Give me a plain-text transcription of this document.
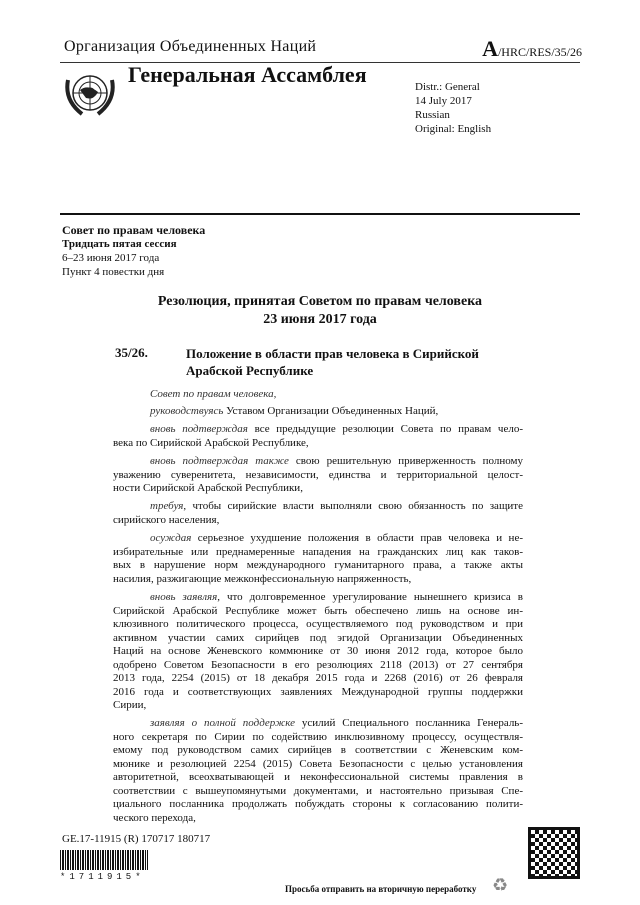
Организация Объединенных Наций	A/HRC/RES/35/26
Генеральная Ассамблея	Distr.: General
14 July 2017
Russian
Original: English
Совет по правам человека
Тридцать пятая сессия
6–23 июня 2017 года
Пункт 4 повестки дня
Резолюция, принятая Советом по правам человека
23 июня 2017 года
35/26.	Положение в области прав человека в Сирийской
Арабской Республике
Совет по правам человека,
руководствуясь Уставом Организации Объединенных Наций,
вновь подтверждая все предыдущие резолюции Совета по правам чело-
века по Сирийской Арабской Республике,
вновь подтверждая также свою решительную приверженность полному
уважению суверенитета, независимости, единства и территориальной целост-
ности Сирийской Арабской Республики,
требуя, чтобы сирийские власти выполняли свою обязанность по защите
сирийского населения,
осуждая серьезное ухудшение положения в области прав человека и не-
избирательные или преднамеренные нападения на гражданских лиц как таков-
вых в нарушение норм международного гуманитарного права, а также акты
насилия, разжигающие межконфессиональную напряженность,
вновь заявляя, что долговременное урегулирование нынешнего кризиса в
Сирийской Арабской Республике может быть обеспечено лишь на основе ин-
клюзивного политического процесса, осуществляемого под руководством и при
активном участии самих сирийцев под эгидой Организации Объединенных
Наций на основе Женевского коммюнике от 30 июня 2012 года, которое было
одобрено Советом Безопасности в его резолюциях 2118 (2013) от 27 сентября
2013 года, 2254 (2015) от 18 декабря 2015 года и 2268 (2016) от 26 февраля
2016 года и соответствующих заявлениях Международной группы поддержки
Сирии,
заявляя о полной поддержке усилий Специального посланника Генераль-
ного секретаря по Сирии по содействию инклюзивному процессу, осуществля-
емому под руководством самих сирийцев в соответствии с Женевским ком-
мюнике и резолюцией 2254 (2015) Совета Безопасности с целью установления
авторитетной, всеохватывающей и неконфессиональной системы правления в
соответствии с вышеупомянутыми документами, и настоятельно призывая Спе-
циального посланника продолжать побуждать стороны к согласованию полити-
ческого перехода,
GE.17-11915 (R) 170717 180717
*1711915*
Просьба отправить на вторичную переработку ♻
